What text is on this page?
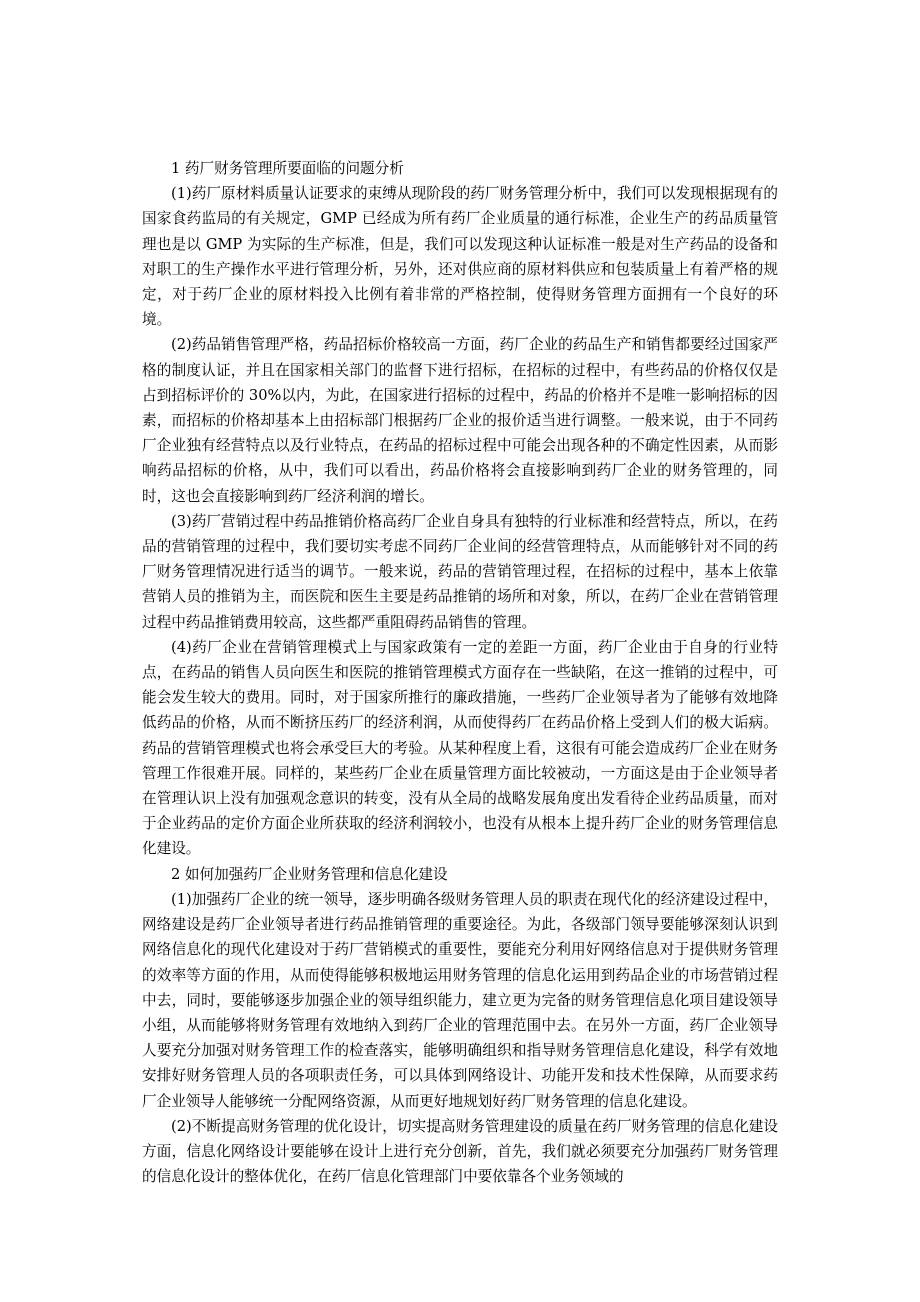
1 药厂财务管理所要面临的问题分析

(1)药厂原材料质量认证要求的束缚从现阶段的药厂财务管理分析中，我们可以发现根据现有的国家食药监局的有关规定，GMP 已经成为所有药厂企业质量的通行标准，企业生产的药品质量管理也是以 GMP 为实际的生产标准，但是，我们可以发现这种认证标准一般是对生产药品的设备和对职工的生产操作水平进行管理分析，另外，还对供应商的原材料供应和包装质量上有着严格的规定，对于药厂企业的原材料投入比例有着非常的严格控制，使得财务管理方面拥有一个良好的环境。

(2)药品销售管理严格，药品招标价格较高一方面，药厂企业的药品生产和销售都要经过国家严格的制度认证，并且在国家相关部门的监督下进行招标，在招标的过程中，有些药品的价格仅仅是占到招标评价的 30%以内，为此，在国家进行招标的过程中，药品的价格并不是唯一影响招标的因素，而招标的价格却基本上由招标部门根据药厂企业的报价适当进行调整。一般来说，由于不同药厂企业独有经营特点以及行业特点，在药品的招标过程中可能会出现各种的不确定性因素，从而影响药品招标的价格，从中，我们可以看出，药品价格将会直接影响到药厂企业的财务管理的，同时，这也会直接影响到药厂经济利润的增长。

(3)药厂营销过程中药品推销价格高药厂企业自身具有独特的行业标准和经营特点，所以，在药品的营销管理的过程中，我们要切实考虑不同药厂企业间的经营管理特点，从而能够针对不同的药厂财务管理情况进行适当的调节。一般来说，药品的营销管理过程，在招标的过程中，基本上依靠营销人员的推销为主，而医院和医生主要是药品推销的场所和对象，所以，在药厂企业在营销管理过程中药品推销费用较高，这些都严重阻碍药品销售的管理。

(4)药厂企业在营销管理模式上与国家政策有一定的差距一方面，药厂企业由于自身的行业特点，在药品的销售人员向医生和医院的推销管理模式方面存在一些缺陷，在这一推销的过程中，可能会发生较大的费用。同时，对于国家所推行的廉政措施，一些药厂企业领导者为了能够有效地降低药品的价格，从而不断挤压药厂的经济利润，从而使得药厂在药品价格上受到人们的极大诟病。药品的营销管理模式也将会承受巨大的考验。从某种程度上看，这很有可能会造成药厂企业在财务管理工作很难开展。同样的，某些药厂企业在质量管理方面比较被动，一方面这是由于企业领导者在管理认识上没有加强观念意识的转变，没有从全局的战略发展角度出发看待企业药品质量，而对于企业药品的定价方面企业所获取的经济利润较小，也没有从根本上提升药厂企业的财务管理信息化建设。

2 如何加强药厂企业财务管理和信息化建设

(1)加强药厂企业的统一领导，逐步明确各级财务管理人员的职责在现代化的经济建设过程中，网络建设是药厂企业领导者进行药品推销管理的重要途径。为此，各级部门领导要能够深刻认识到网络信息化的现代化建设对于药厂营销模式的重要性，要能充分利用好网络信息对于提供财务管理的效率等方面的作用，从而使得能够积极地运用财务管理的信息化运用到药品企业的市场营销过程中去，同时，要能够逐步加强企业的领导组织能力，建立更为完备的财务管理信息化项目建设领导小组，从而能够将财务管理有效地纳入到药厂企业的管理范围中去。在另外一方面，药厂企业领导人要充分加强对财务管理工作的检查落实，能够明确组织和指导财务管理信息化建设，科学有效地安排好财务管理人员的各项职责任务，可以具体到网络设计、功能开发和技术性保障，从而要求药厂企业领导人能够统一分配网络资源，从而更好地规划好药厂财务管理的信息化建设。

(2)不断提高财务管理的优化设计，切实提高财务管理建设的质量在药厂财务管理的信息化建设方面，信息化网络设计要能够在设计上进行充分创新，首先，我们就必须要充分加强药厂财务管理的信息化设计的整体优化，在药厂信息化管理部门中要依靠各个业务领域的
